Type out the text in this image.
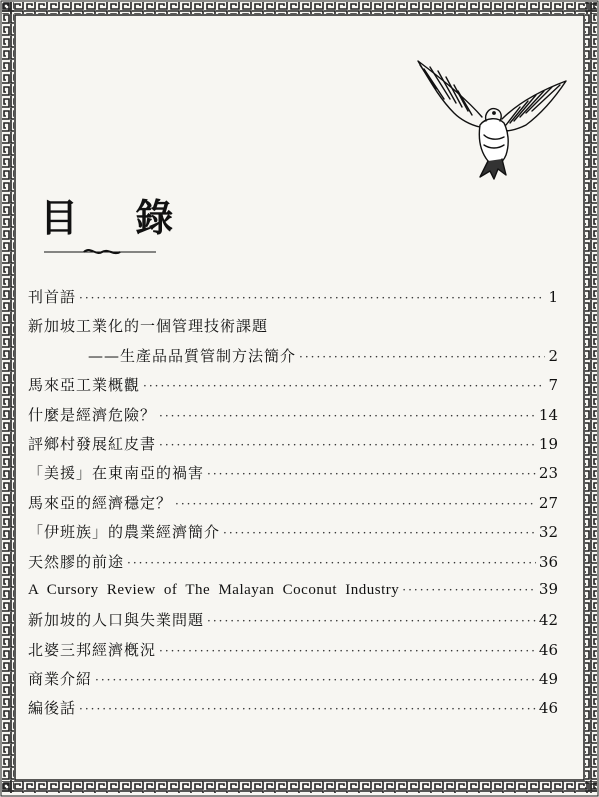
目 錄
刊首語 ·····	1
新加坡工業化的一個管理技術課題
——生產品品質管制方法簡介 ·····	2
馬來亞工業概觀 ·····	7
什麼是經濟危險？ ·····	14
評鄉村發展紅皮書 ·····	19
「美援」在東南亞的禍害 ·····	23
馬來亞的經濟穩定？ ·····	27
「伊班族」的農業經濟簡介 ·····	32
天然膠的前途 ·····	36
A Cursory Review of The Malayan Coconut Industry ·····	39
新加坡的人口與失業問題 ·····	42
北婆三邦經濟槪況 ·····	46
商業介紹 ·····	49
編後話 ·····	46
